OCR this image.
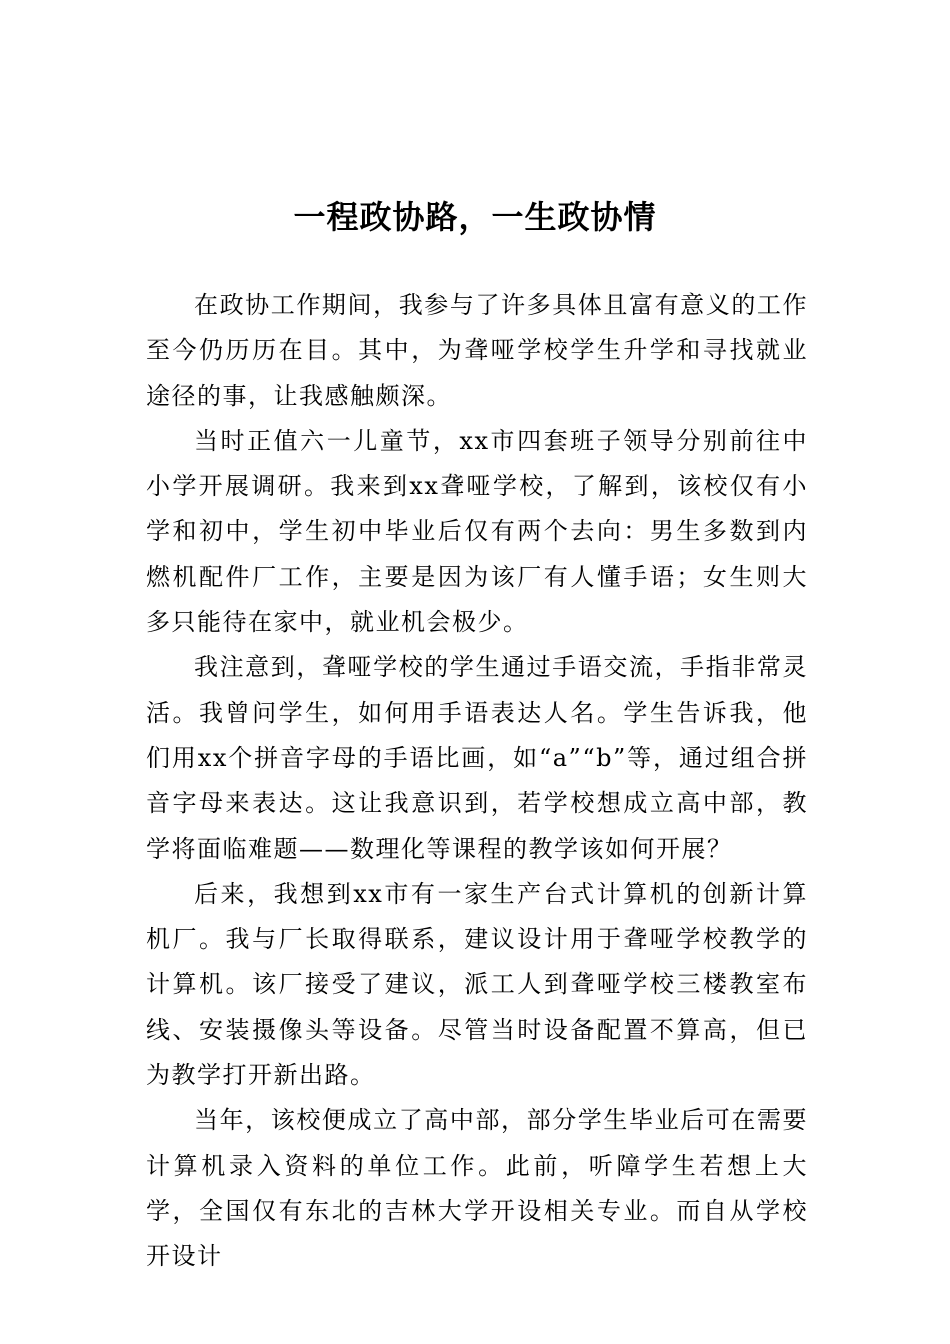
一程政协路，一生政协情

在政协工作期间，我参与了许多具体且富有意义的工作至今仍历历在目。其中，为聋哑学校学生升学和寻找就业途径的事，让我感触颇深。

当时正值六一儿童节，xx市四套班子领导分别前往中小学开展调研。我来到xx聋哑学校，了解到，该校仅有小学和初中，学生初中毕业后仅有两个去向：男生多数到内燃机配件厂工作，主要是因为该厂有人懂手语；女生则大多只能待在家中，就业机会极少。

我注意到，聋哑学校的学生通过手语交流，手指非常灵活。我曾问学生，如何用手语表达人名。学生告诉我，他们用xx个拼音字母的手语比画，如“a”“b”等，通过组合拼音字母来表达。这让我意识到，若学校想成立高中部，教学将面临难题——数理化等课程的教学该如何开展？

后来，我想到xx市有一家生产台式计算机的创新计算机厂。我与厂长取得联系，建议设计用于聋哑学校教学的计算机。该厂接受了建议，派工人到聋哑学校三楼教室布线、安装摄像头等设备。尽管当时设备配置不算高，但已为教学打开新出路。

当年，该校便成立了高中部，部分学生毕业后可在需要计算机录入资料的单位工作。此前，听障学生若想上大学，全国仅有东北的吉林大学开设相关专业。而自从学校开设计
